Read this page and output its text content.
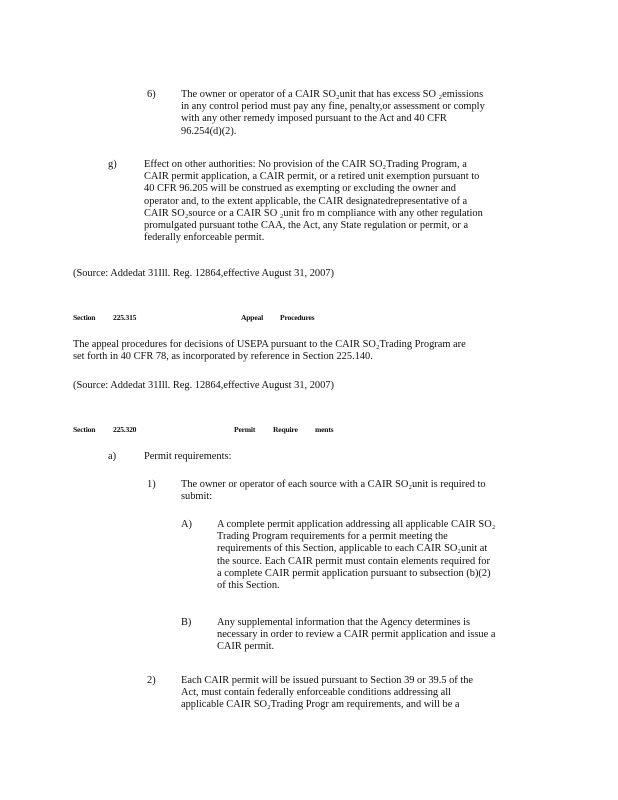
6) The owner or operator of a CAIR SO₂unit that has excess SO ₂emissions
in any control period must pay any fine, penalty,or assessment or comply
with any other remedy imposed pursuant to the Act and 40 CFR
96.254(d)(2).

g)	Effect on other authorities: No provision of the CAIR SO₂Trading Program, a
CAIR permit application, a CAIR permit, or a retired unit exemption pursuant to
40 CFR 96.205 will be construed as exempting or excluding the owner and
operator and, to the extent applicable, the CAIR designatedrepresentative of a
CAIR SO₂source or a CAIR SO ₂unit fro m compliance with any other regulation
promulgated pursuant tothe CAA, the Act, any State regulation or permit, or a
federally enforceable permit.

(Source: Addedat 31Ill. Reg. 12864,effective August 31, 2007)

Section 225.315	Appeal Procedures
The appeal procedures for decisions of USEPA pursuant to the CAIR SO₂Trading Program are
set forth in 40 CFR 78, as incorporated by reference in Section 225.140.

(Source: Addedat 31Ill. Reg. 12864,effective August 31, 2007)

Section 225.320	Permit Require ments

a)	Permit requirements:

1) The owner or operator of each source with a CAIR SO₂unit is required to
submit:

A) A complete permit application addressing all applicable CAIR SO₂
Trading Program requirements for a permit meeting the
requirements of this Section, applicable to each CAIR SO₂unit at
the source. Each CAIR permit must contain elements required for
a complete CAIR permit application pursuant to subsection (b)(2)
of this Section.

B) Any supplemental information that the Agency determines is
necessary in order to review a CAIR permit application and issue a
CAIR permit.

2) Each CAIR permit will be issued pursuant to Section 39 or 39.5 of the
Act, must contain federally enforceable conditions addressing all
applicable CAIR SO₂Trading Progr am requirements, and will be a
